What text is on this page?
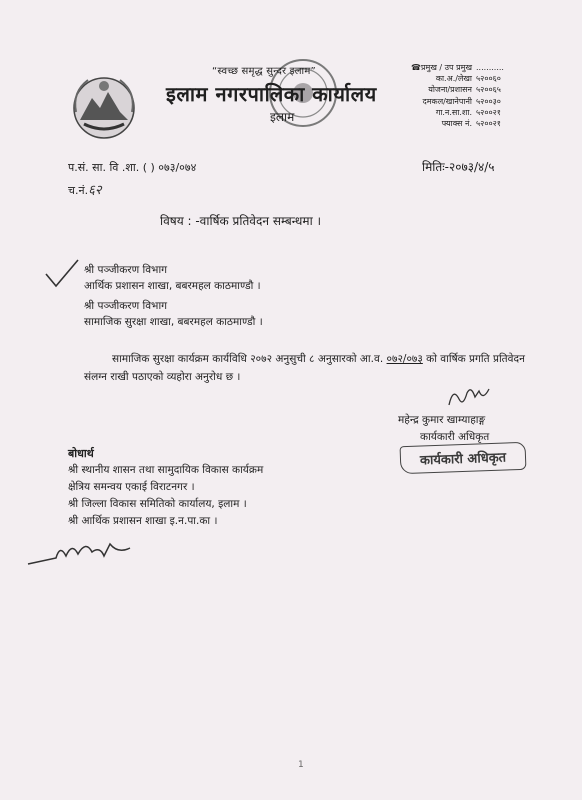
“स्वच्छ समृद्ध सुन्दर इलाम”
इलाम नगरपालिका कार्यालय
इलाम
☎प्रमुख / उप प्रमुख ...........
का.अ./लेखा ५२००६०
योजना/प्रशासन ५२००६५
दमकल/खानेपानी ५२००३०
गा.न.सा.शा. ५२००२१
फ्याक्स नं. ५२००२१
प.सं. सा. वि .शा. ( ) ०७३/०७४	मितिः-२०७३/४/५
च.नं.६२
विषय : -वार्षिक प्रतिवेदन सम्बन्धमा ।
श्री पञ्जीकरण विभाग
आर्थिक प्रशासन शाखा, बबरमहल काठमाण्डौ ।
श्री पञ्जीकरण विभाग
सामाजिक सुरक्षा शाखा, बबरमहल काठमाण्डौ ।
सामाजिक सुरक्षा कार्यक्रम कार्यविधि २०७२ अनुसुची ८ अनुसारको आ.व. ०७२/०७३ को वार्षिक प्रगति प्रतिवेदन संलग्न राखी पठाएको व्यहोरा अनुरोध छ ।
महेन्द्र कुमार खाम्याहाङ्ग
कार्यकारी अधिकृत
कार्यकारी अधिकृत
बोधार्थ
श्री स्थानीय शासन तथा सामुदायिक विकास कार्यक्रम
क्षेत्रिय समन्वय एकाई विराटनगर ।
श्री जिल्ला विकास समितिको कार्यालय, इलाम ।
श्री आर्थिक प्रशासन शाखा इ.न.पा.का ।
1
